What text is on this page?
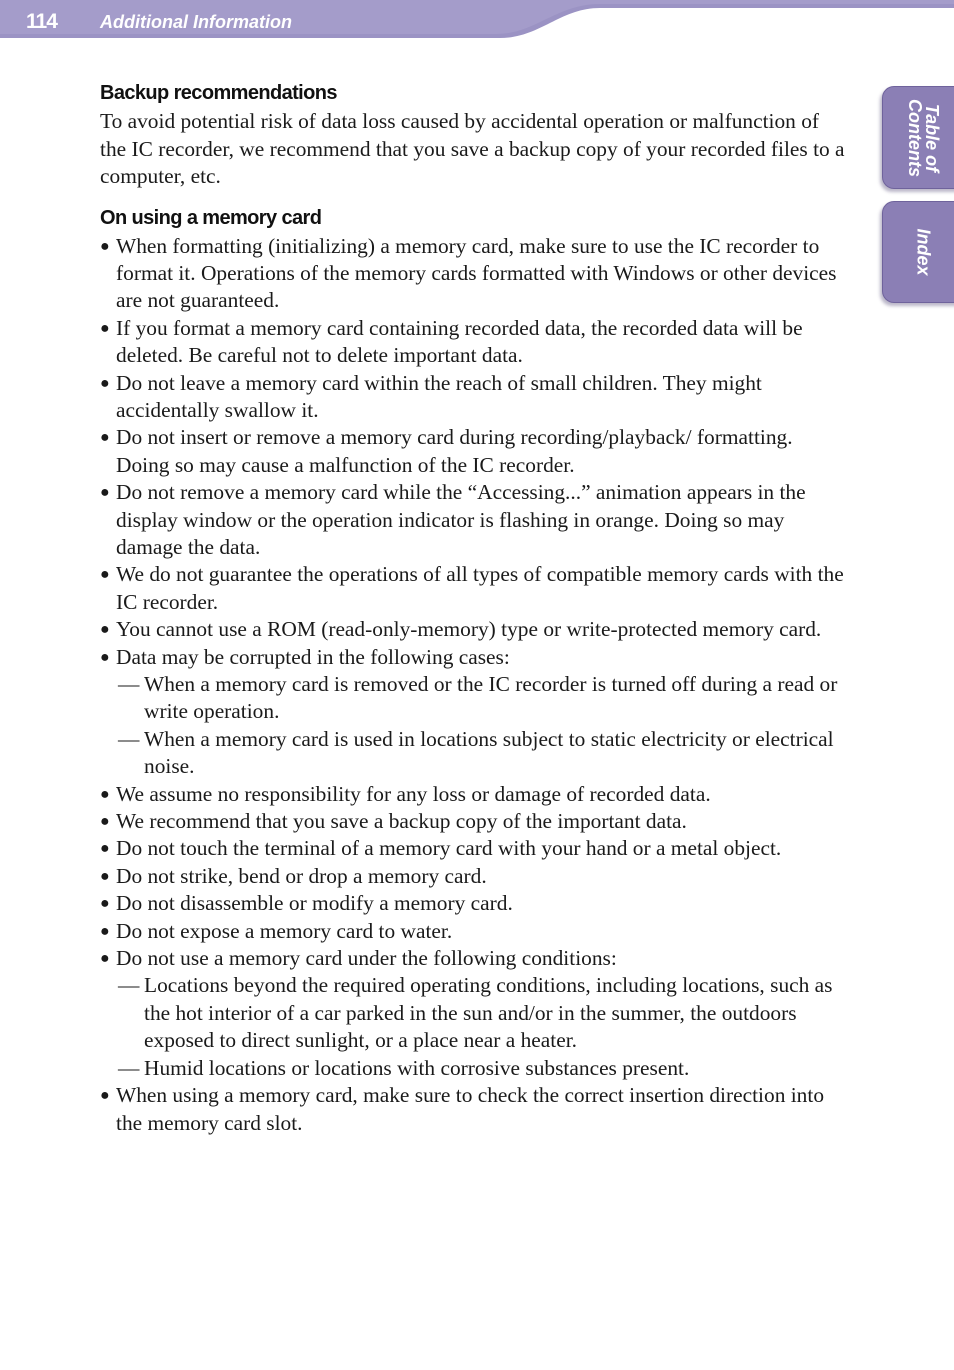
114 Additional Information
Table of
Contents
Index
Backup recommendations

To avoid potential risk of data loss caused by accidental operation or malfunction of the IC recorder, we recommend that you save a backup copy of your recorded files to a computer, etc.

On using a memory card
● When formatting (initializing) a memory card, make sure to use the IC recorder to format it. Operations of the memory cards formatted with Windows or other devices are not guaranteed.
● If you format a memory card containing recorded data, the recorded data will be deleted. Be careful not to delete important data.
● Do not leave a memory card within the reach of small children. They might accidentally swallow it.
● Do not insert or remove a memory card during recording/playback/ formatting. Doing so may cause a malfunction of the IC recorder.
● Do not remove a memory card while the “Accessing...” animation appears in the display window or the operation indicator is flashing in orange. Doing so may damage the data.
● We do not guarantee the operations of all types of compatible memory cards with the IC recorder.
● You cannot use a ROM (read-only-memory) type or write-protected memory card.
● Data may be corrupted in the following cases:
— When a memory card is removed or the IC recorder is turned off during a read or write operation.
— When a memory card is used in locations subject to static electricity or electrical noise.
● We assume no responsibility for any loss or damage of recorded data.
● We recommend that you save a backup copy of the important data.
● Do not touch the terminal of a memory card with your hand or a metal object.
● Do not strike, bend or drop a memory card.
● Do not disassemble or modify a memory card.
● Do not expose a memory card to water.
● Do not use a memory card under the following conditions:
— Locations beyond the required operating conditions, including locations, such as the hot interior of a car parked in the sun and/or in the summer, the outdoors exposed to direct sunlight, or a place near a heater.
— Humid locations or locations with corrosive substances present.
● When using a memory card, make sure to check the correct insertion direction into the memory card slot.
